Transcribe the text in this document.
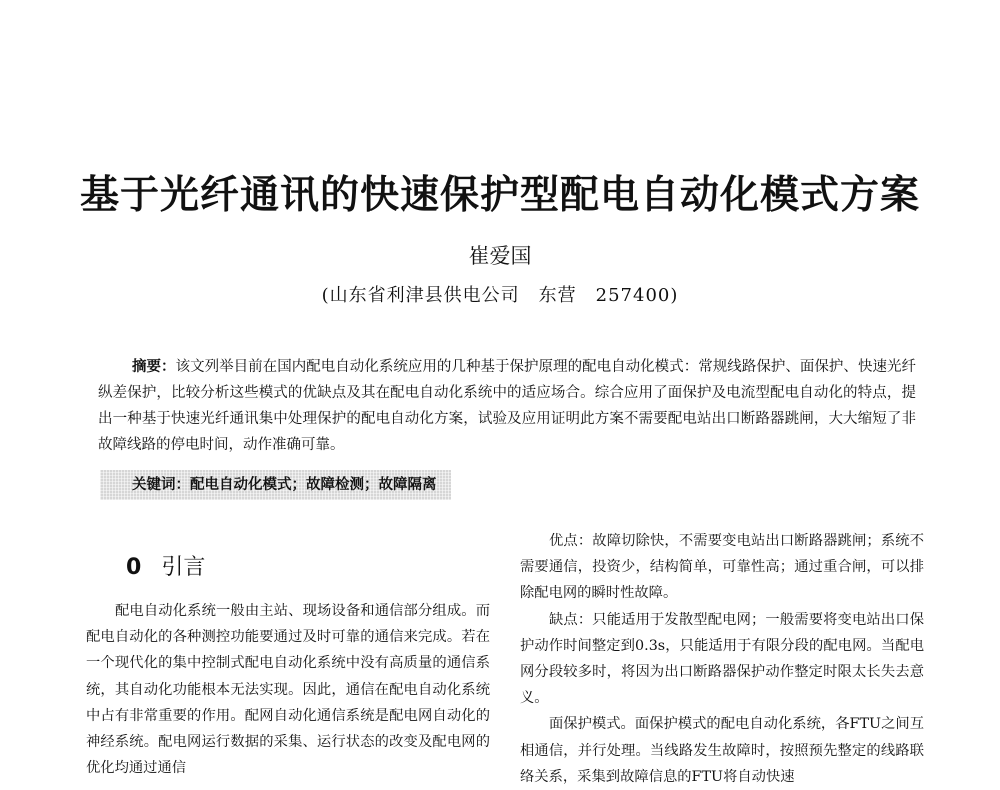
基于光纤通讯的快速保护型配电自动化模式方案
崔爱国
(山东省利津县供电公司　东营　257400)
摘要：该文列举目前在国内配电自动化系统应用的几种基于保护原理的配电自动化模式：常规线路保护、面保护、快速光纤纵差保护，比较分析这些模式的优缺点及其在配电自动化系统中的适应场合。综合应用了面保护及电流型配电自动化的特点，提出一种基于快速光纤通讯集中处理保护的配电自动化方案，试验及应用证明此方案不需要配电站出口断路器跳闸，大大缩短了非故障线路的停电时间，动作准确可靠。
关键词：配电自动化模式；故障检测；故障隔离
0 引言

配电自动化系统一般由主站、现场设备和通信部分组成。而配电自动化的各种测控功能要通过及时可靠的通信来完成。若在一个现代化的集中控制式配电自动化系统中没有高质量的通信系统，其自动化功能根本无法实现。因此，通信在配电自动化系统中占有非常重要的作用。配网自动化通信系统是配电网自动化的神经系统。配电网运行数据的采集、运行状态的改变及配电网的优化均通过通信

优点：故障切除快，不需要变电站出口断路器跳闸；系统不需要通信，投资少，结构简单，可靠性高；通过重合闸，可以排除配电网的瞬时性故障。

缺点：只能适用于发散型配电网；一般需要将变电站出口保护动作时间整定到0.3s，只能适用于有限分段的配电网。当配电网分段较多时，将因为出口断路器保护动作整定时限太长失去意义。

面保护模式。面保护模式的配电自动化系统，各FTU之间互相通信，并行处理。当线路发生故障时，按照预先整定的线路联络关系，采集到故障信息的FTU将自动快速
